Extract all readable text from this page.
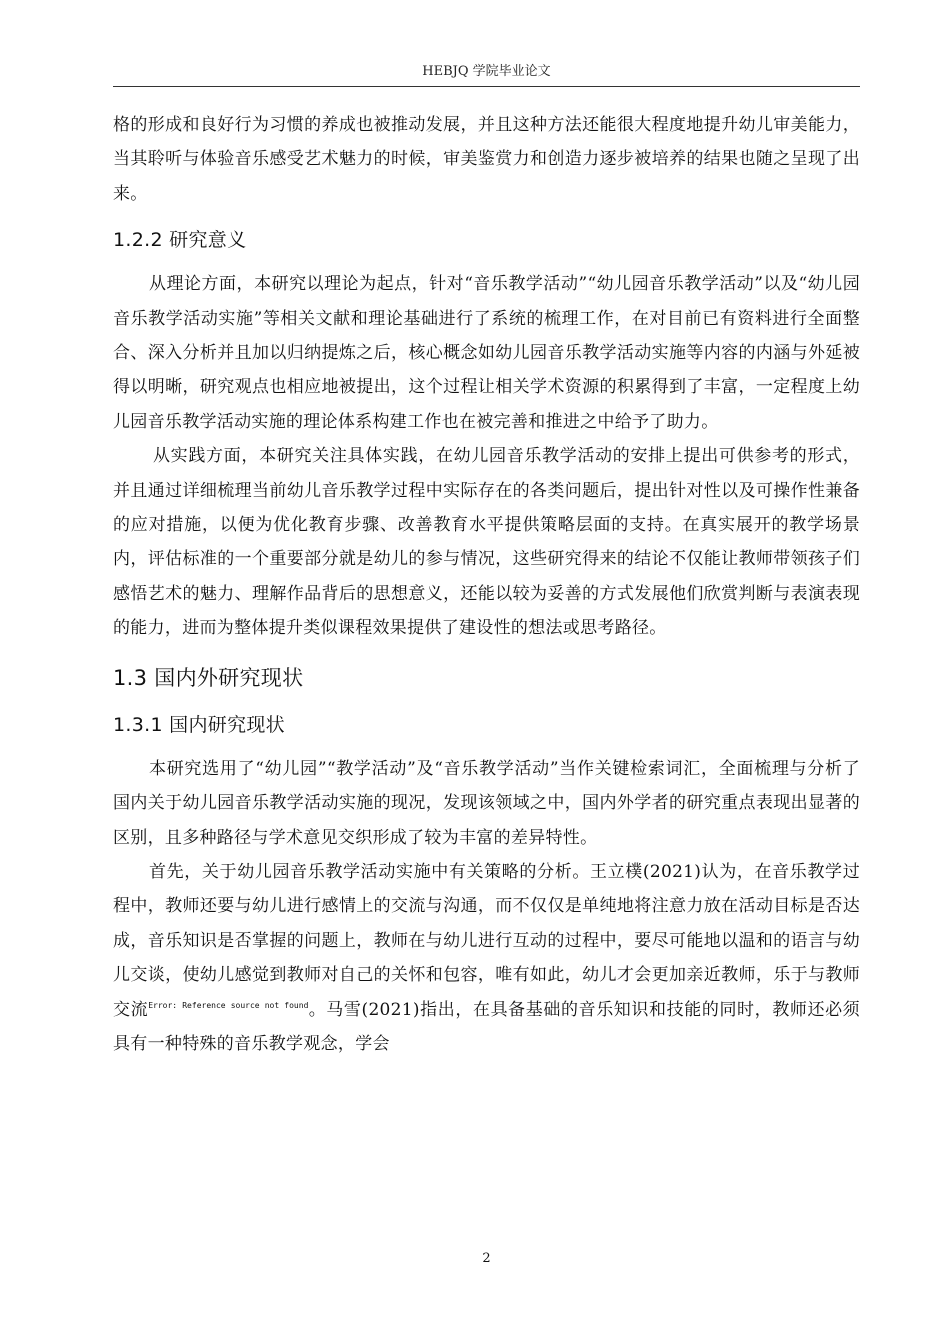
HEBJQ 学院毕业论文

格的形成和良好行为习惯的养成也被推动发展，并且这种方法还能很大程度地提升幼儿审美能力，当其聆听与体验音乐感受艺术魅力的时候，审美鉴赏力和创造力逐步被培养的结果也随之呈现了出来。

1.2.2 研究意义

从理论方面，本研究以理论为起点，针对“音乐教学活动”“幼儿园音乐教学活动”以及“幼儿园音乐教学活动实施”等相关文献和理论基础进行了系统的梳理工作，在对目前已有资料进行全面整合、深入分析并且加以归纳提炼之后，核心概念如幼儿园音乐教学活动实施等内容的内涵与外延被得以明晰，研究观点也相应地被提出，这个过程让相关学术资源的积累得到了丰富，一定程度上幼儿园音乐教学活动实施的理论体系构建工作也在被完善和推进之中给予了助力。

从实践方面，本研究关注具体实践，在幼儿园音乐教学活动的安排上提出可供参考的形式，并且通过详细梳理当前幼儿音乐教学过程中实际存在的各类问题后，提出针对性以及可操作性兼备的应对措施，以便为优化教育步骤、改善教育水平提供策略层面的支持。在真实展开的教学场景内，评估标准的一个重要部分就是幼儿的参与情况，这些研究得来的结论不仅能让教师带领孩子们感悟艺术的魅力、理解作品背后的思想意义，还能以较为妥善的方式发展他们欣赏判断与表演表现的能力，进而为整体提升类似课程效果提供了建设性的想法或思考路径。

1.3 国内外研究现状
1.3.1 国内研究现状

本研究选用了“幼儿园”“教学活动”及“音乐教学活动”当作关键检索词汇，全面梳理与分析了国内关于幼儿园音乐教学活动实施的现况，发现该领域之中，国内外学者的研究重点表现出显著的区别，且多种路径与学术意见交织形成了较为丰富的差异特性。

首先，关于幼儿园音乐教学活动实施中有关策略的分析。王立樸(2021)认为，在音乐教学过程中，教师还要与幼儿进行感情上的交流与沟通，而不仅仅是单纯地将注意力放在活动目标是否达成，音乐知识是否掌握的问题上，教师在与幼儿进行互动的过程中，要尽可能地以温和的语言与幼儿交谈，使幼儿感觉到教师对自己的关怀和包容，唯有如此，幼儿才会更加亲近教师，乐于与教师交流$^{Error: Reference source not found}$。马雪(2021)指出，在具备基础的音乐知识和技能的同时，教师还必须具有一种特殊的音乐教学观念，学会

2
